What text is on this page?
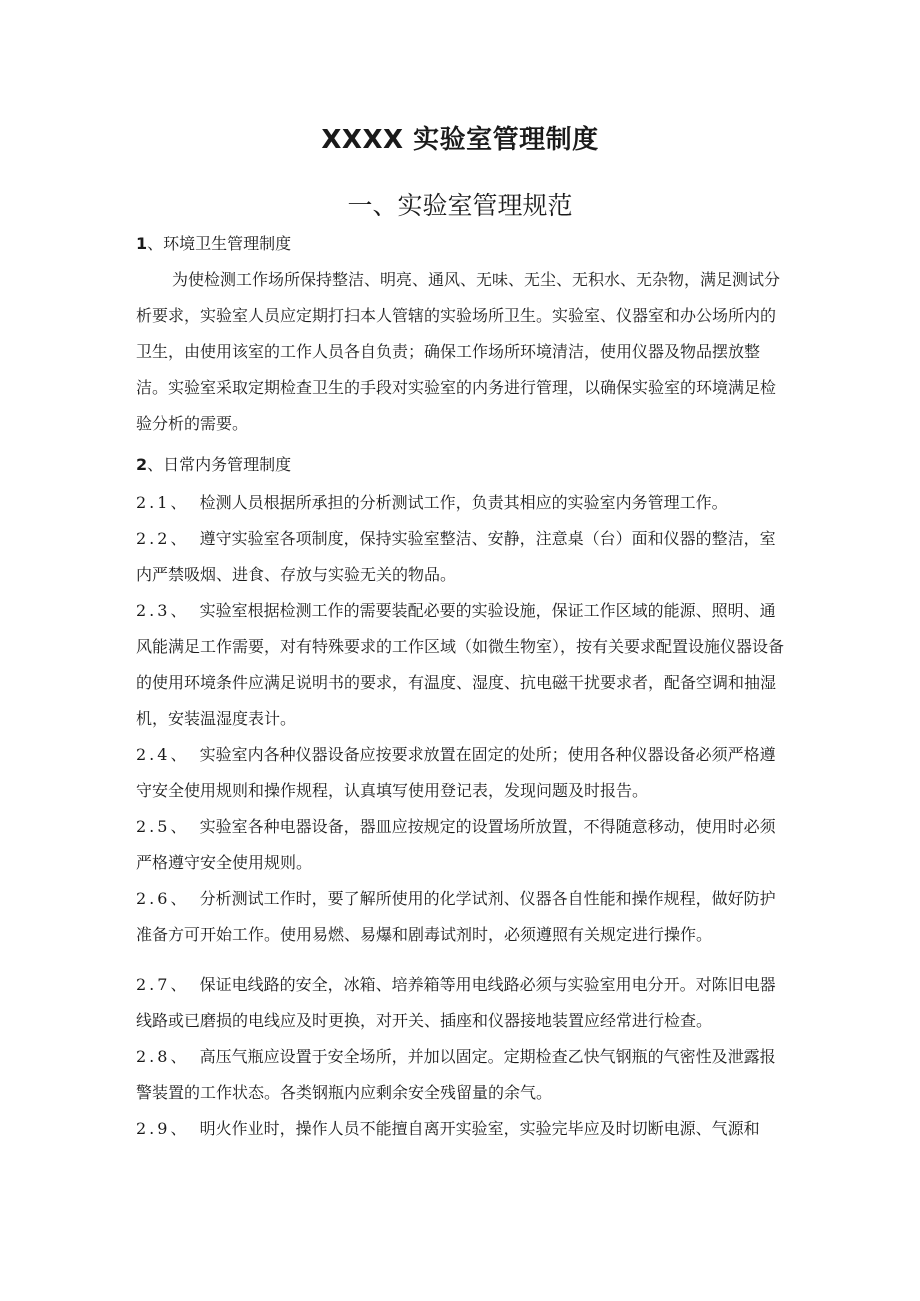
XXXX 实验室管理制度
一、实验室管理规范

1、环境卫生管理制度

为使检测工作场所保持整洁、明亮、通风、无味、无尘、无积水、无杂物，满足测试分析要求，实验室人员应定期打扫本人管辖的实验场所卫生。实验室、仪器室和办公场所内的卫生，由使用该室的工作人员各自负责；确保工作场所环境清洁，使用仪器及物品摆放整洁。实验室采取定期检查卫生的手段对实验室的内务进行管理，以确保实验室的环境满足检验分析的需要。

2、日常内务管理制度

2.1、 检测人员根据所承担的分析测试工作，负责其相应的实验室内务管理工作。

2.2、 遵守实验室各项制度，保持实验室整洁、安静，注意桌（台）面和仪器的整洁，室内严禁吸烟、进食、存放与实验无关的物品。

2.3、 实验室根据检测工作的需要装配必要的实验设施，保证工作区域的能源、照明、通风能满足工作需要，对有特殊要求的工作区域（如微生物室），按有关要求配置设施仪器设备的使用环境条件应满足说明书的要求，有温度、湿度、抗电磁干扰要求者，配备空调和抽湿机，安装温湿度表计。

2.4、 实验室内各种仪器设备应按要求放置在固定的处所；使用各种仪器设备必须严格遵守安全使用规则和操作规程，认真填写使用登记表，发现问题及时报告。

2.5、 实验室各种电器设备，器皿应按规定的设置场所放置，不得随意移动，使用时必须严格遵守安全使用规则。

2.6、 分析测试工作时，要了解所使用的化学试剂、仪器各自性能和操作规程，做好防护准备方可开始工作。使用易燃、易爆和剧毒试剂时，必须遵照有关规定进行操作。

2.7、 保证电线路的安全，冰箱、培养箱等用电线路必须与实验室用电分开。对陈旧电器线路或已磨损的电线应及时更换，对开关、插座和仪器接地装置应经常进行检查。

2.8、 高压气瓶应设置于安全场所，并加以固定。定期检查乙快气钢瓶的气密性及泄露报警装置的工作状态。各类钢瓶内应剩余安全残留量的余气。

2.9、 明火作业时，操作人员不能擅自离开实验室，实验完毕应及时切断电源、气源和
